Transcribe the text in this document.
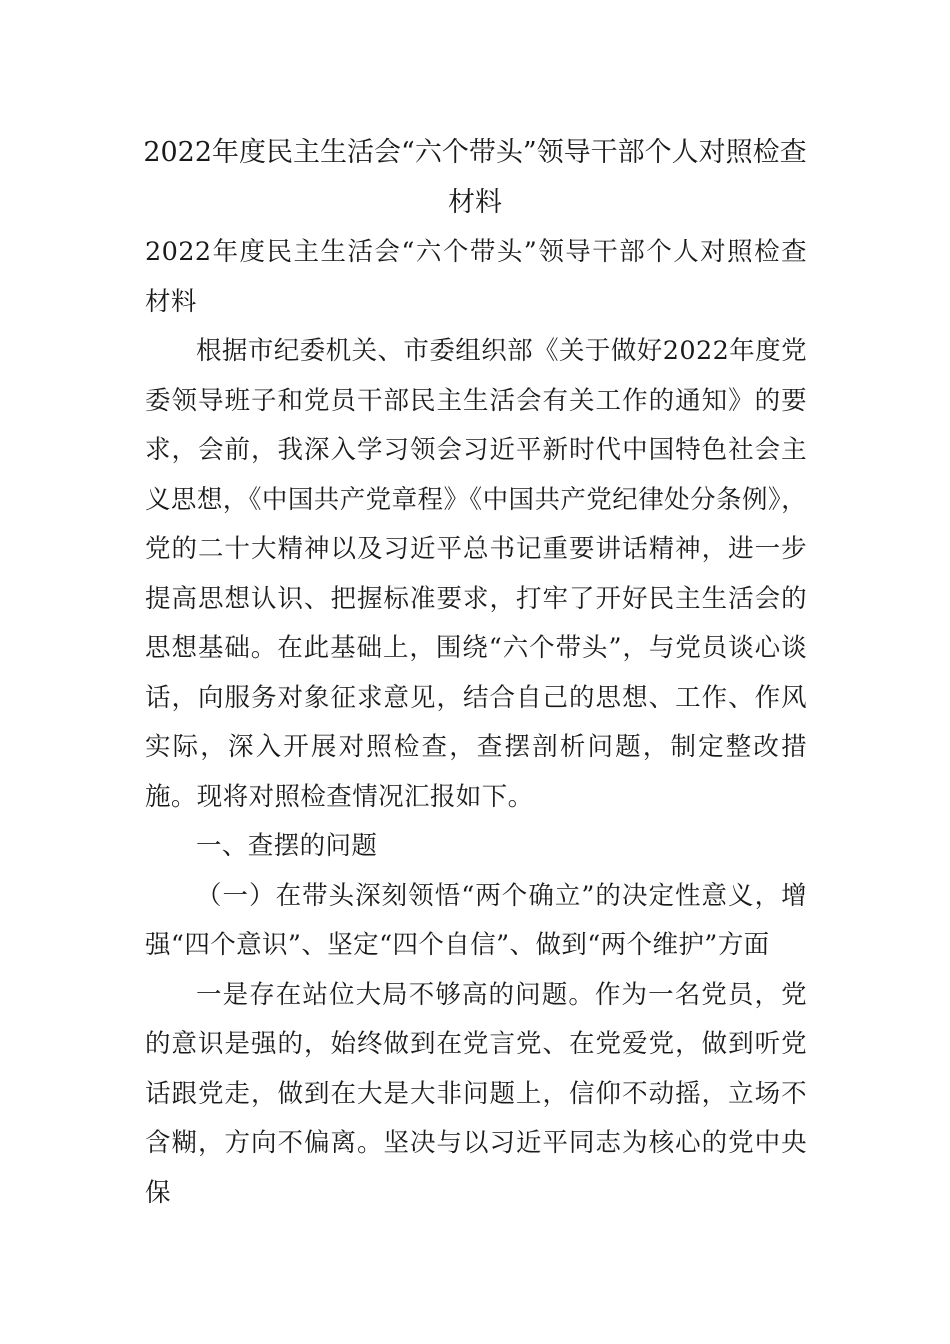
2022年度民主生活会“六个带头”领导干部个人对照检查
材料

2022年度民主生活会“六个带头”领导干部个人对照检查材料

根据市纪委机关、市委组织部《关于做好2022年度党委领导班子和党员干部民主生活会有关工作的通知》的要求，会前，我深入学习领会习近平新时代中国特色社会主义思想，《中国共产党章程》《中国共产党纪律处分条例》，党的二十大精神以及习近平总书记重要讲话精神，进一步提高思想认识、把握标准要求，打牢了开好民主生活会的思想基础。在此基础上，围绕“六个带头”，与党员谈心谈话，向服务对象征求意见，结合自己的思想、工作、作风实际，深入开展对照检查，查摆剖析问题，制定整改措施。现将对照检查情况汇报如下。

一、查摆的问题

（一）在带头深刻领悟“两个确立”的决定性意义，增强“四个意识”、坚定“四个自信”、做到“两个维护”方面

一是存在站位大局不够高的问题。作为一名党员，党的意识是强的，始终做到在党言党、在党爱党，做到听党话跟党走，做到在大是大非问题上，信仰不动摇，立场不含糊，方向不偏离。坚决与以习近平同志为核心的党中央保
